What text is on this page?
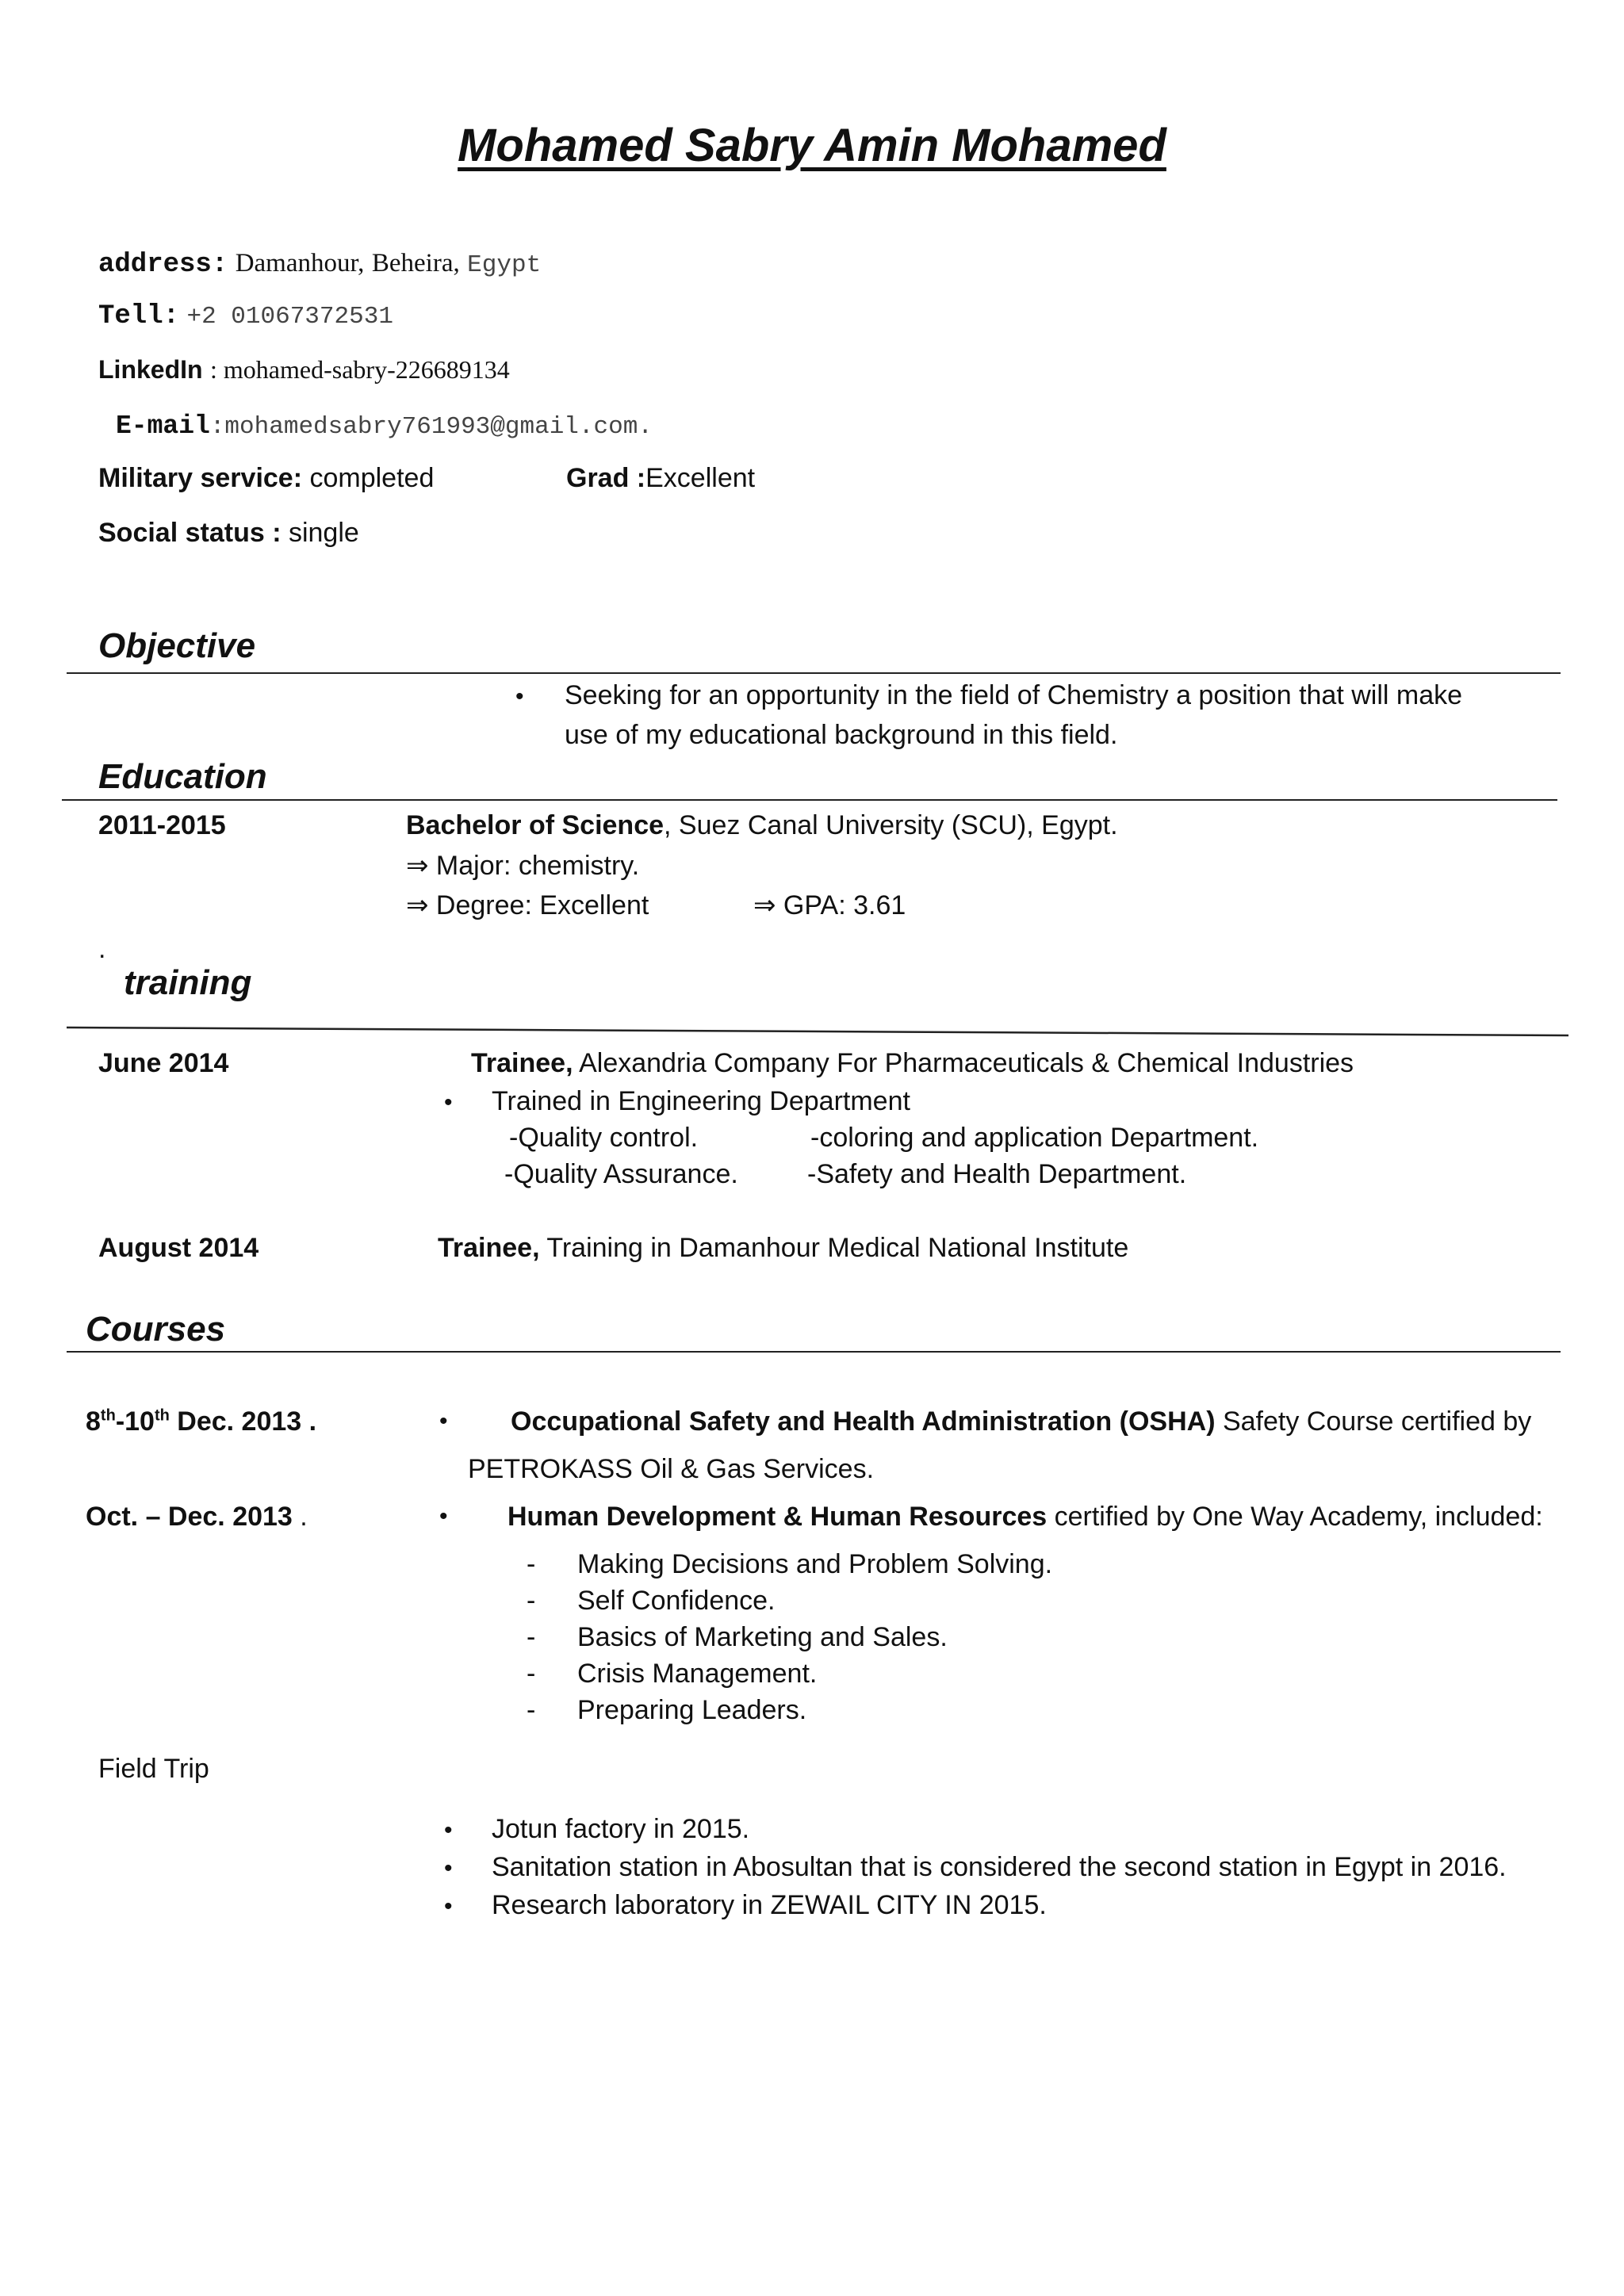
Mohamed Sabry Amin Mohamed
address: Damanhour, Beheira, Egypt
Tell: +2 01067372531
LinkedIn : mohamed-sabry-226689134
E-mail:mohamedsabry761993@gmail.com.
Military service: completed	Grad :Excellent
Social status : single
Objective
• Seeking for an opportunity in the field of Chemistry a position that will make
use of my educational background in this field.
Education
2011-2015	Bachelor of Science, Suez Canal University (SCU), Egypt.
⇒ Major: chemistry.
⇒ Degree: Excellent	⇒ GPA: 3.61
.
training
June 2014	Trainee, Alexandria Company For Pharmaceuticals & Chemical Industries
• Trained in Engineering Department
-Quality control.	-coloring and application Department.
-Quality Assurance.	-Safety and Health Department.
August 2014	Trainee, Training in Damanhour Medical National Institute
Courses
8th-10th Dec. 2013 .	• Occupational Safety and Health Administration (OSHA) Safety Course certified by
PETROKASS Oil & Gas Services.
Oct. – Dec. 2013 .	• Human Development & Human Resources certified by One Way Academy, included:
- Making Decisions and Problem Solving.
- Self Confidence.
- Basics of Marketing and Sales.
- Crisis Management.
- Preparing Leaders.
Field Trip
• Jotun factory in 2015.
• Sanitation station in Abosultan that is considered the second station in Egypt in 2016.
• Research laboratory in ZEWAIL CITY IN 2015.
